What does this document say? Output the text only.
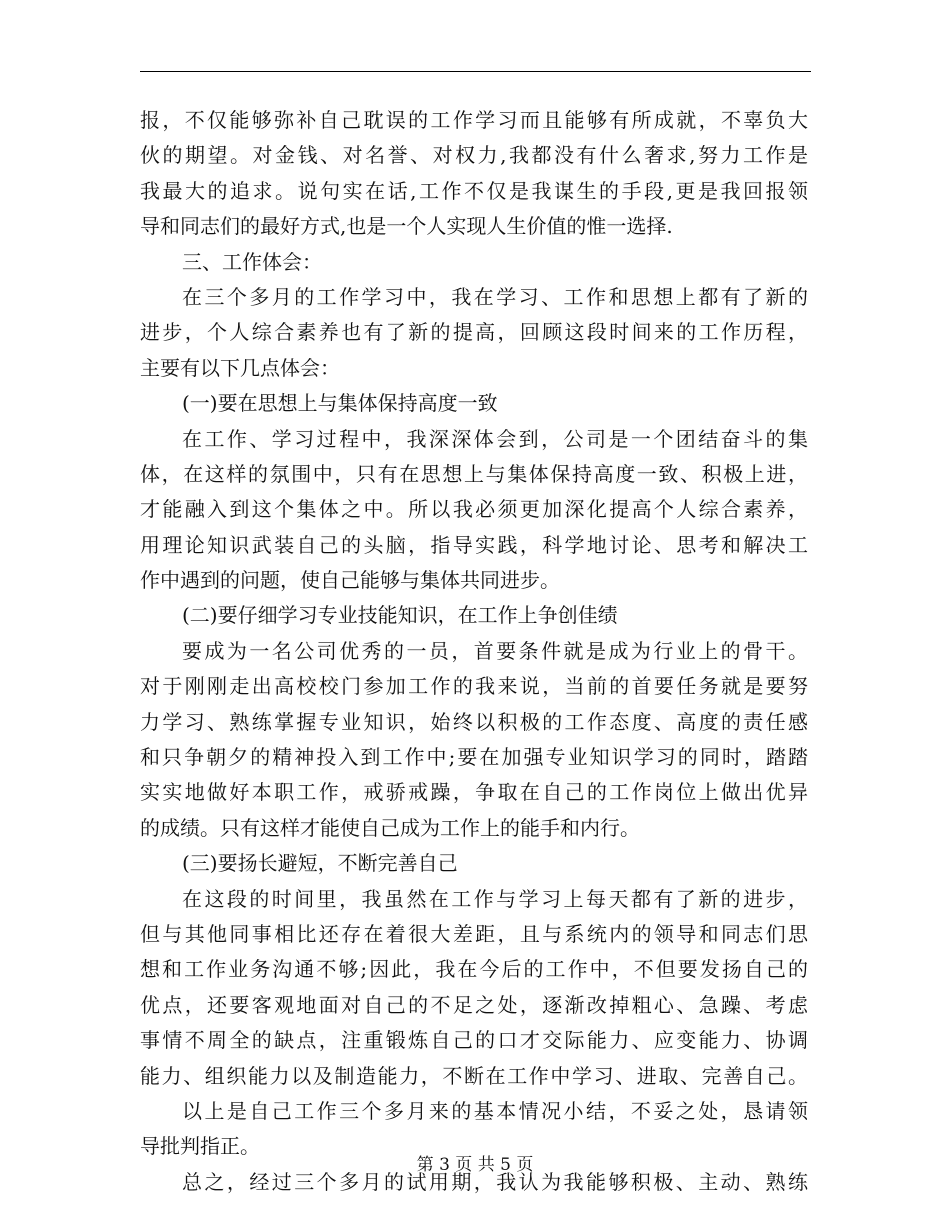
报，不仅能够弥补自己耽误的工作学习而且能够有所成就，不辜负大
伙的期望。对金钱、对名誉、对权力,我都没有什么奢求,努力工作是
我最大的追求。说句实在话,工作不仅是我谋生的手段,更是我回报领
导和同志们的最好方式,也是一个人实现人生价值的惟一选择.
三、工作体会：
在三个多月的工作学习中，我在学习、工作和思想上都有了新的
进步，个人综合素养也有了新的提高，回顾这段时间来的工作历程，
主要有以下几点体会：
(一)要在思想上与集体保持高度一致
在工作、学习过程中，我深深体会到，公司是一个团结奋斗的集
体，在这样的氛围中，只有在思想上与集体保持高度一致、积极上进，
才能融入到这个集体之中。所以我必须更加深化提高个人综合素养，
用理论知识武装自己的头脑，指导实践，科学地讨论、思考和解决工
作中遇到的问题，使自己能够与集体共同进步。
(二)要仔细学习专业技能知识，在工作上争创佳绩
要成为一名公司优秀的一员，首要条件就是成为行业上的骨干。
对于刚刚走出高校校门参加工作的我来说，当前的首要任务就是要努
力学习、熟练掌握专业知识，始终以积极的工作态度、高度的责任感
和只争朝夕的精神投入到工作中;要在加强专业知识学习的同时，踏踏
实实地做好本职工作，戒骄戒躁，争取在自己的工作岗位上做出优异
的成绩。只有这样才能使自己成为工作上的能手和内行。
(三)要扬长避短，不断完善自己
在这段的时间里，我虽然在工作与学习上每天都有了新的进步，
但与其他同事相比还存在着很大差距，且与系统内的领导和同志们思
想和工作业务沟通不够;因此，我在今后的工作中，不但要发扬自己的
优点，还要客观地面对自己的不足之处，逐渐改掉粗心、急躁、考虑
事情不周全的缺点，注重锻炼自己的口才交际能力、应变能力、协调
能力、组织能力以及制造能力，不断在工作中学习、进取、完善自己。
以上是自己工作三个多月来的基本情况小结，不妥之处，恳请领
导批判指正。
总之，经过三个多月的试用期，我认为我能够积极、主动、熟练
第 3 页 共 5 页
